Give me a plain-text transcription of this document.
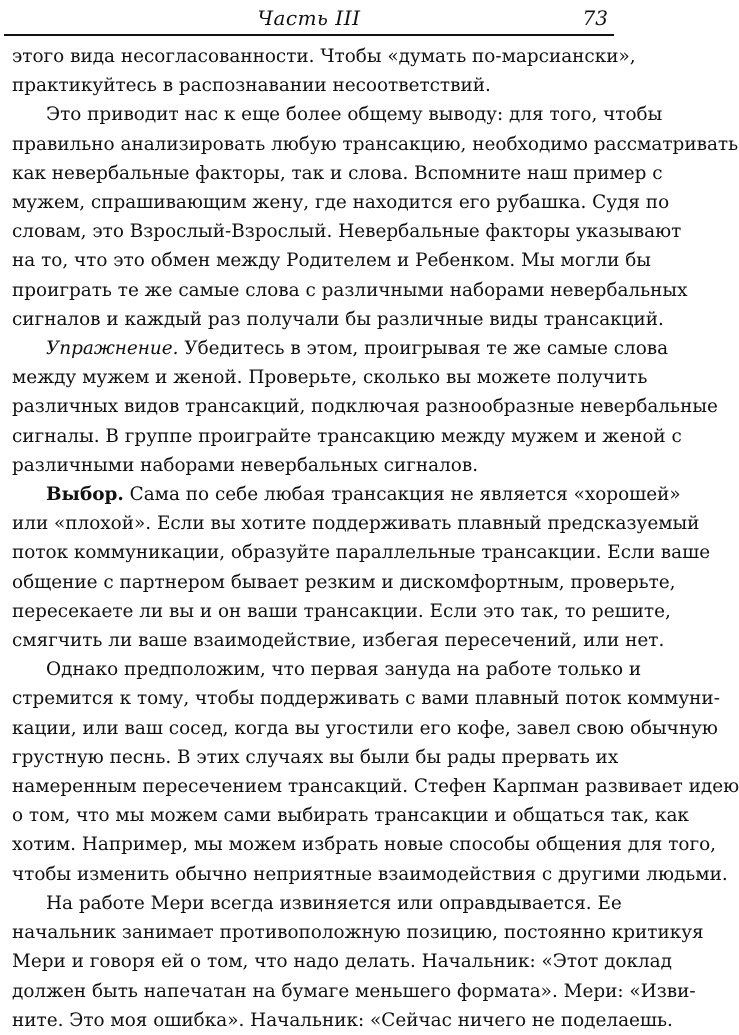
Часть III	73
этого вида несогласованности. Чтобы «думать по-марсиански»,
практикуйтесь в распознавании несоответствий.
Это приводит нас к еще более общему выводу: для того, чтобы
правильно анализировать любую трансакцию, необходимо рассматривать
как невербальные факторы, так и слова. Вспомните наш пример с
мужем, спрашивающим жену, где находится его рубашка. Судя по
словам, это Взрослый-Взрослый. Невербальные факторы указывают
на то, что это обмен между Родителем и Ребенком. Мы могли бы
проиграть те же самые слова с различными наборами невербальных
сигналов и каждый раз получали бы различные виды трансакций.
Упражнение. Убедитесь в этом, проигрывая те же самые слова
между мужем и женой. Проверьте, сколько вы можете получить
различных видов трансакций, подключая разнообразные невербальные
сигналы. В группе проиграйте трансакцию между мужем и женой с
различными наборами невербальных сигналов.
Выбор. Сама по себе любая трансакция не является «хорошей»
или «плохой». Если вы хотите поддерживать плавный предсказуемый
поток коммуникации, образуйте параллельные трансакции. Если ваше
общение с партнером бывает резким и дискомфортным, проверьте,
пересекаете ли вы и он ваши трансакции. Если это так, то решите,
смягчить ли ваше взаимодействие, избегая пересечений, или нет.
Однако предположим, что первая зануда на работе только и
стремится к тому, чтобы поддерживать с вами плавный поток коммуни-
кации, или ваш сосед, когда вы угостили его кофе, завел свою обычную
грустную песнь. В этих случаях вы были бы рады прервать их
намеренным пересечением трансакций. Стефен Карпман развивает идею
о том, что мы можем сами выбирать трансакции и общаться так, как
хотим. Например, мы можем избрать новые способы общения для того,
чтобы изменить обычно неприятные взаимодействия с другими людьми.
На работе Мери всегда извиняется или оправдывается. Ее
начальник занимает противоположную позицию, постоянно критикуя
Мери и говоря ей о том, что надо делать. Начальник: «Этот доклад
должен быть напечатан на бумаге меньшего формата». Мери: «Изви-
ните. Это моя ошибка». Начальник: «Сейчас ничего не поделаешь.
